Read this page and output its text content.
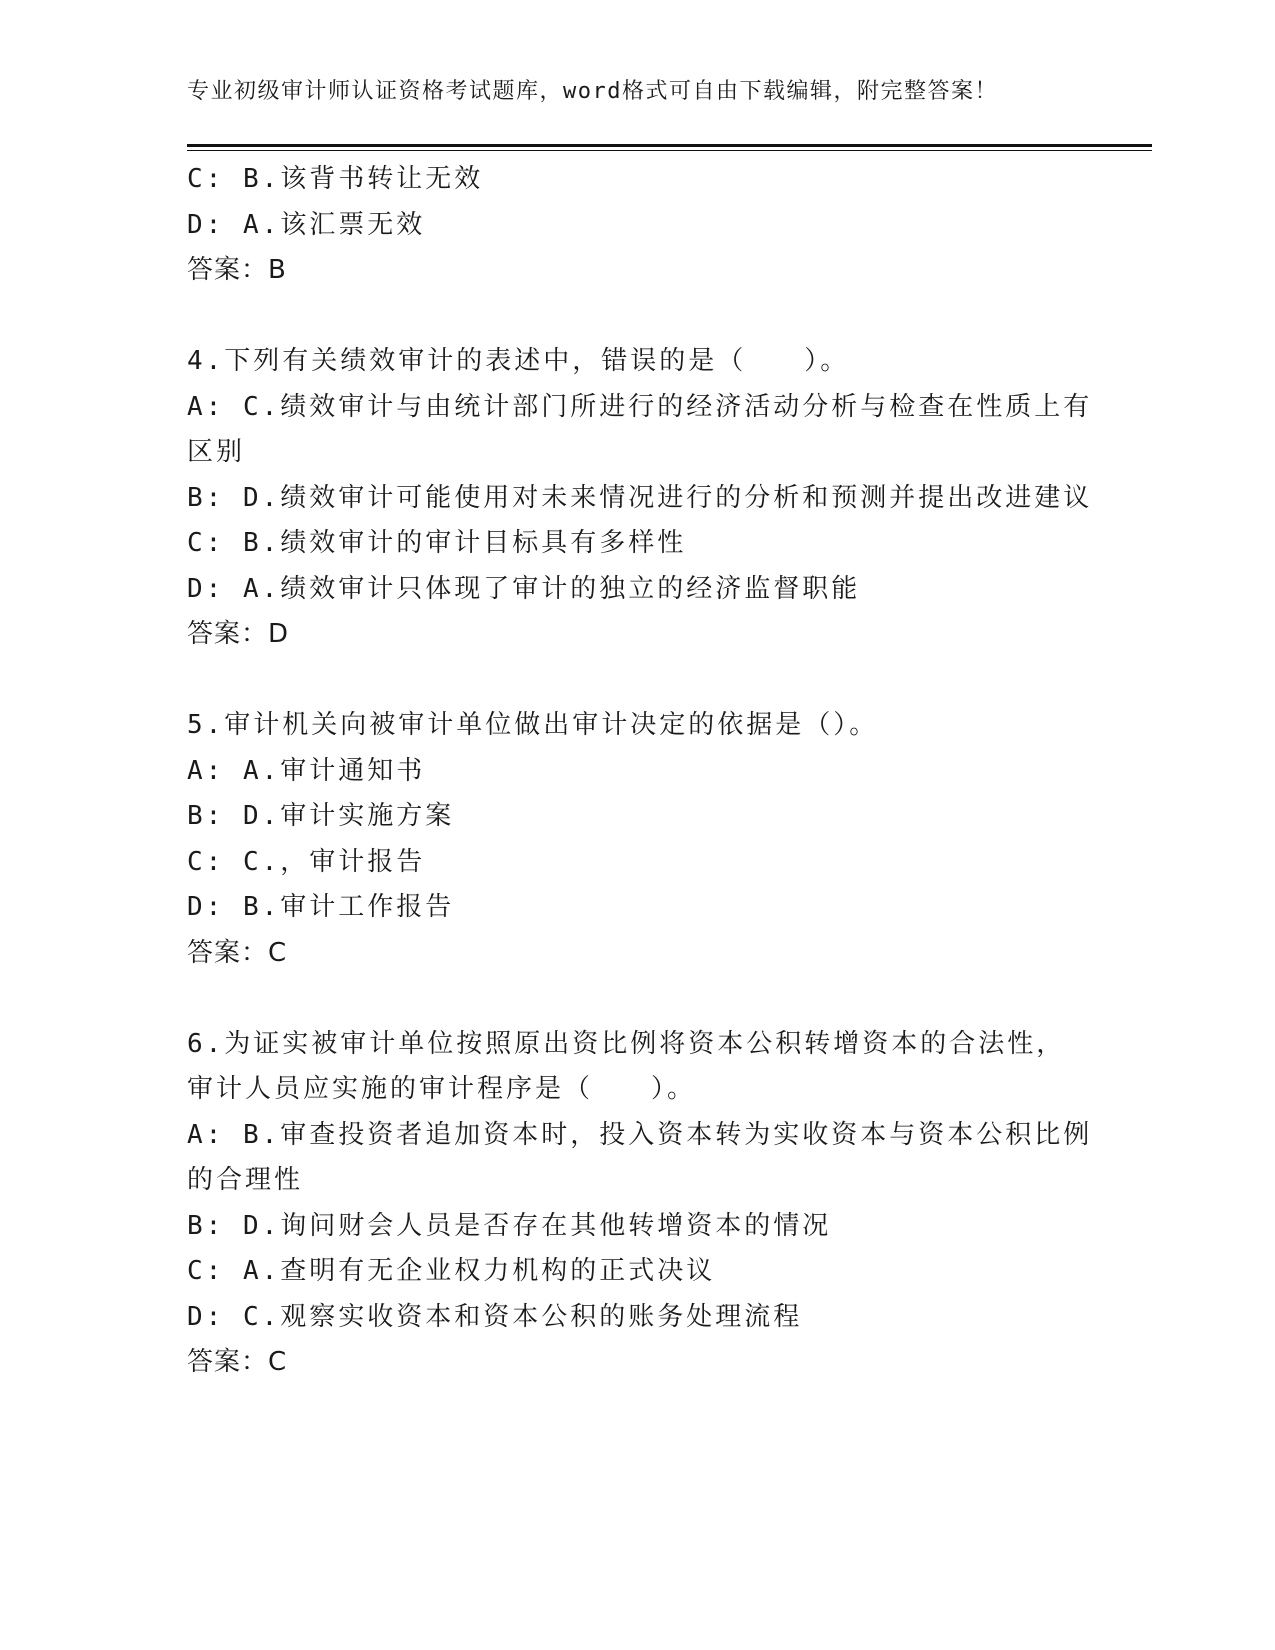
专业初级审计师认证资格考试题库，word格式可自由下载编辑，附完整答案！
C: B.该背书转让无效
D: A.该汇票无效
答案：B
4.下列有关绩效审计的表述中，错误的是（　　）。
A: C.绩效审计与由统计部门所进行的经济活动分析与检查在性质上有
区别
B: D.绩效审计可能使用对未来情况进行的分析和预测并提出改进建议
C: B.绩效审计的审计目标具有多样性
D: A.绩效审计只体现了审计的独立的经济监督职能
答案：D
5.审计机关向被审计单位做出审计决定的依据是（）。
A: A.审计通知书
B: D.审计实施方案
C: C.，审计报告
D: B.审计工作报告
答案：C
6.为证实被审计单位按照原出资比例将资本公积转增资本的合法性，
审计人员应实施的审计程序是（　　）。
A: B.审查投资者追加资本时，投入资本转为实收资本与资本公积比例
的合理性
B: D.询问财会人员是否存在其他转增资本的情况
C: A.查明有无企业权力机构的正式决议
D: C.观察实收资本和资本公积的账务处理流程
答案：C
